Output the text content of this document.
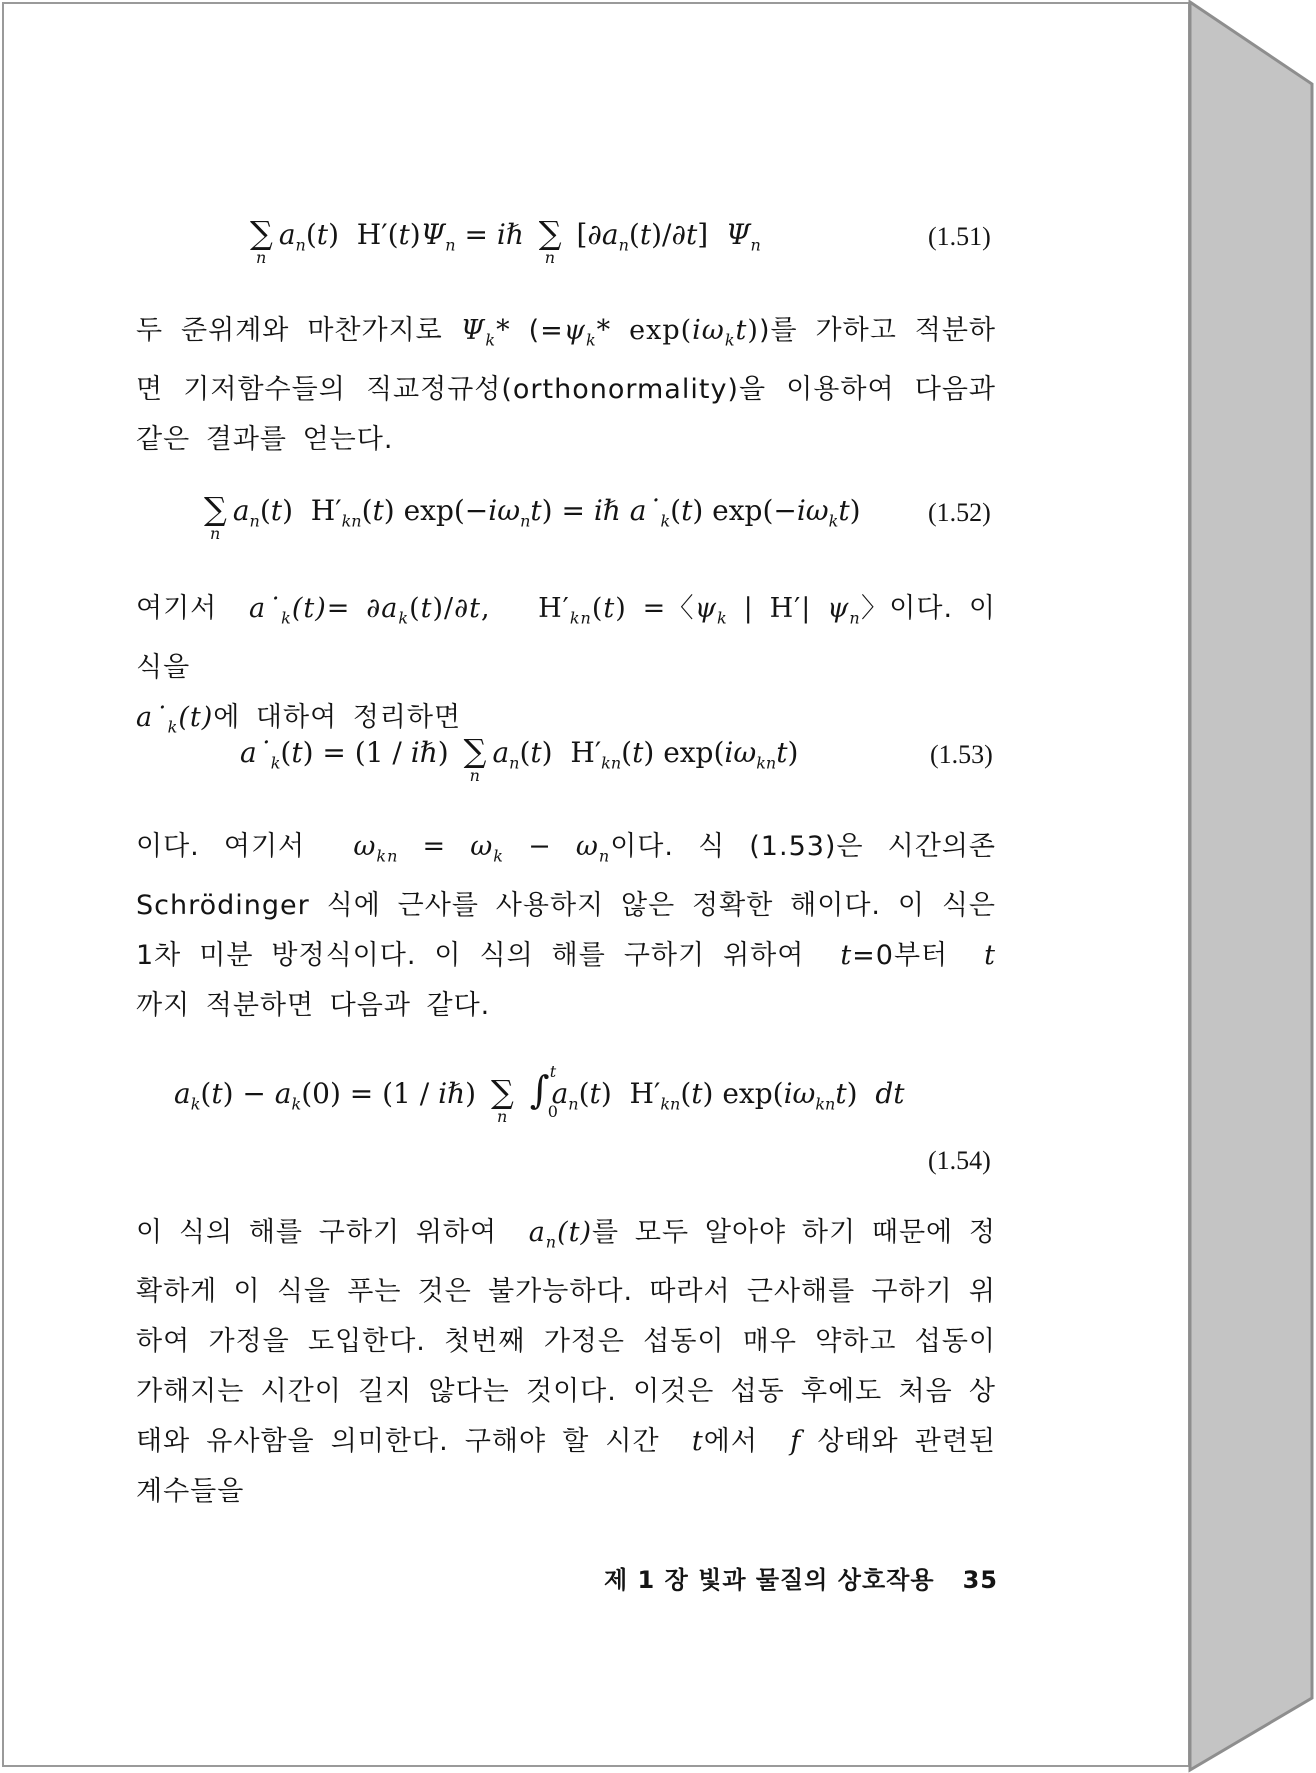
∑
n
$a_n(t) H'(t)\Psi_n$ = iℏ ∑
n
$[\partial a_n(t)/\partial t]$  $\Psi_n$	(1.51)
두 준위계와 마찬가지로 $\Psi_k*$ ($=\psi_k*$ $\exp(i\omega_kt)$)를 가하고 적분하면 기저함수들의 직교정규성(orthonormality)을 이용하여 다음과 같은 결과를 얻는다.
∑
n
$a_n(t)$  $H'_{kn}(t) \exp(-i\omega_nt)$ = iℏ $a˙_k(t)$ $\exp(-i\omega_kt)$	(1.52)
여기서  $a˙_k(t)= \partial a_k(t)/\partial t$, $H'_{kn}(t)$ =〈$\psi_k$ | H′| $\psi_n$〉이다. 이 식을
$a˙_k(t)$에 대하여 정리하면
$a˙_k(t) = (1$ / iℏ) ∑
n
$a_n(t)$  $H'_{kn}(t)$ $\exp(i\omega_{kn}t)$	(1.53)
이다. 여기서  $\omega_{kn} = \omega_k - \omega_n$이다. 식 (1.53)은 시간의존 Schrödinger 식에 근사를 사용하지 않은 정확한 해이다. 이 식은 1차 미분 방정식이다. 이 식의 해를 구하기 위하여  t=0부터  t까지 적분하면 다음과 같다.
$a_k(t) - a_k(0) = (1$ / iℏ) ∑
n
∫ t
0
$a_n(t)$  $H'_{kn}(t)$ $\exp(i\omega_{kn}t)$  dt
(1.54)
이 식의 해를 구하기 위하여  $a_n(t)$를 모두 알아야 하기 때문에 정확하게 이 식을 푸는 것은 불가능하다. 따라서 근사해를 구하기 위하여 가정을 도입한다. 첫번째 가정은 섭동이 매우 약하고 섭동이 가해지는 시간이 길지 않다는 것이다. 이것은 섭동 후에도 처음 상태와 유사함을 의미한다. 구해야 할 시간  t에서  f 상태와 관련된 계수들을
제 1 장 빛과 물질의 상호작용 35
